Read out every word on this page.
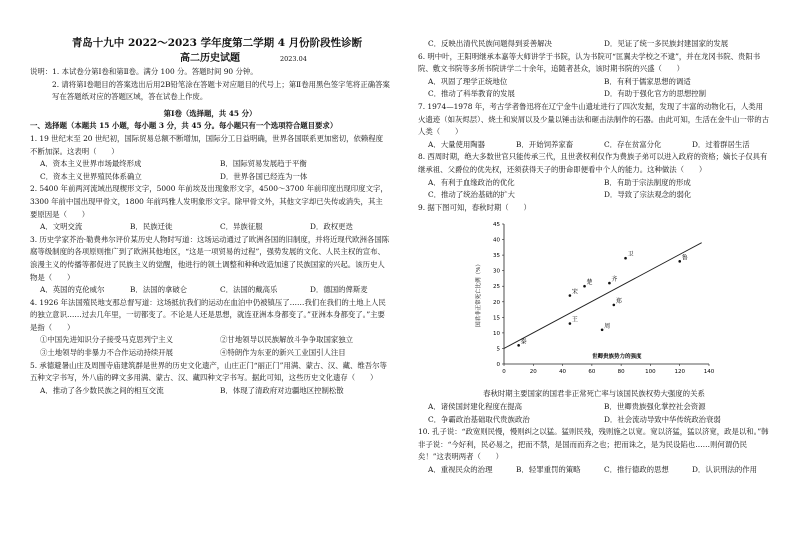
青岛十九中 2022～2023 学年度第二学期 4 月份阶段性诊断
高二历史试题	2023.04

说明：1. 本试卷分第Ⅰ卷和第Ⅱ卷。满分 100 分。答题时间 90 分钟。

2. 请将第Ⅰ卷题目的答案选出后用2B铅笔涂在答题卡对应题目的代号上；第Ⅱ卷用黑色签字笔将正确答案写在答题纸对应的答题区域，答在试卷上作废。

第Ⅰ卷（选择题，共 45 分）
一、选择题（本题共 15 小题，每小题 3 分，共 45 分。每小题只有一个选项符合题目要求）

1. 19 世纪末至 20 世纪初，国际贸易总额不断增加，国际分工日益明确，世界各国联系更加密切，依赖程度不断加深。这表明（　　）

A．资本主义世界市场最终形成	B．国际贸易发展趋于平衡
C．资本主义世界殖民体系确立	D．世界各国已经连为一体

2. 5400 年前两河流域出现楔形文字，5000 年前埃及出现象形文字，4500～3700 年前印度出现印度文字，3300 年前中国出现甲骨文，1800 年前玛雅人发明象形文字。除甲骨文外，其他文字却已失传或消失，其主要原因是（　　）

A．文明交流	B．民族迁徙	C．异族征服	D．政权更迭

3. 历史学家芥治·勒费弗尔评价某历史人物时写道：这场运动通过了欧洲各国的旧制度，并将近现代欧洲各国陈腐等级制度的各项原则推广到了欧洲其他地区，“这是一项贸易的过程”，强势发展的文化、人民主权的宣布、浪漫主义的传播等都促进了民族主义的觉醒，他进行的领土调整和种种改造加速了民族国家的兴起。该历史人物是（　　）

A．英国的克伦威尔	B．法国的拿破仑	C．法国的戴高乐	D．德国的俾斯麦

4. 1926 年法国殖民地支那总督写道：这场抵抗我们的运动在血泊中仍被镇压了……我们在我们的土地上人民的独立意识……过去几年里，一切都变了。不论是人还是思想，就连亚洲本身都变了。”亚洲本身都变了。”主要是指（　　）

①中国先进知识分子接受马克思列宁主义	②甘地领导以民族解放斗争争取国家独立
③土地领导的非暴力不合作运动持续开展	④特朗作为东亚的新兴工业国引人注目

5. 承德避暑山庄及周围寺庙建筑群是世界的历史文化遗产，山庄正门“丽正门”用满、蒙古、汉、藏、维吾尔等五种文字书写，外八庙的碑文多用满、蒙古、汉、藏四种文字书写。据此可知，这些历史文化遗存（　　）

A．推动了各少数民族之间的相互交流	B．体现了清政府对边疆地区控制松散
C．反映出清代民族问题得到妥善解决	D．见证了统一多民族封建国家的发展

6. 明中叶，王阳明继承本嘉等大师讲学于书院，认为书院可“匡翼夫学校之不逮”，并在龙冈书院、贵阳书院、敷文书院等多所书院讲学二十余年，追随者甚众，该时期书院的兴盛（　　）

A．巩固了理学正统地位	B．有利于儒家思想的调适
C．推动了科举教育的发展	D．有助于强化官方的思想控制

7. 1974—1978 年，考古学者鲁迅将在辽宁金牛山遗址进行了四次发掘，发现了丰富的动物化石，人类用火遗迹（如灰烬层）、烧土和炭屑以及少量以锤击法和砸击法制作的石器。由此可知，生活在金牛山一带的古人类（　　）

A．大量使用陶器	B．开始饲养家畜	C．存在贫富分化	D．过着群居生活

8. 西周时期，绝大多数世官只能传承三代，且世袭权利仅作为费族子弟可以进入政府的资格；嫡长子仅具有继承祖、父爵位的优先权，还须获得天子的册命即便看中个人的能力。这种做法（　　）

A．有利于血缘政治的优化	B．有助于宗法制度的形成
C．推动了统治基础的扩大	D．导致了宗法观念的弱化

9. 据下图可知，春秋时期（　　）

0
5
10
15
20
25
30
35
40
45
0	20	40	60	80	100	120	140
秦
宋
楚	齐
郑
卫	鲁
王
周
国君非正常死亡比例（%）
世卿贵族势力的强度
春秋时期主要国家的国君非正常死亡率与该国民族权势大强度的关系
A．诸侯国封建化程度在提高	B．世卿贵族强化掌控社会资源
C．争霸政治基础取代贵族政治	D．社会流动导致中华传统政治衰弱

10. 孔子说：“政宽则民慢，慢则纠之以猛。猛则民残，残则施之以宽。宽以济猛，猛以济宽，政是以和。”韩非子说：“今好利，民必易之，把而不禁，是国而而弃之也；把而诛之，是为民设陷也……则何谓仍民矣！”这表明两者（　　）

A．重视民众的治理	B．轻罪重罚的策略	C．推行德政的思想	D．认识刑法的作用
